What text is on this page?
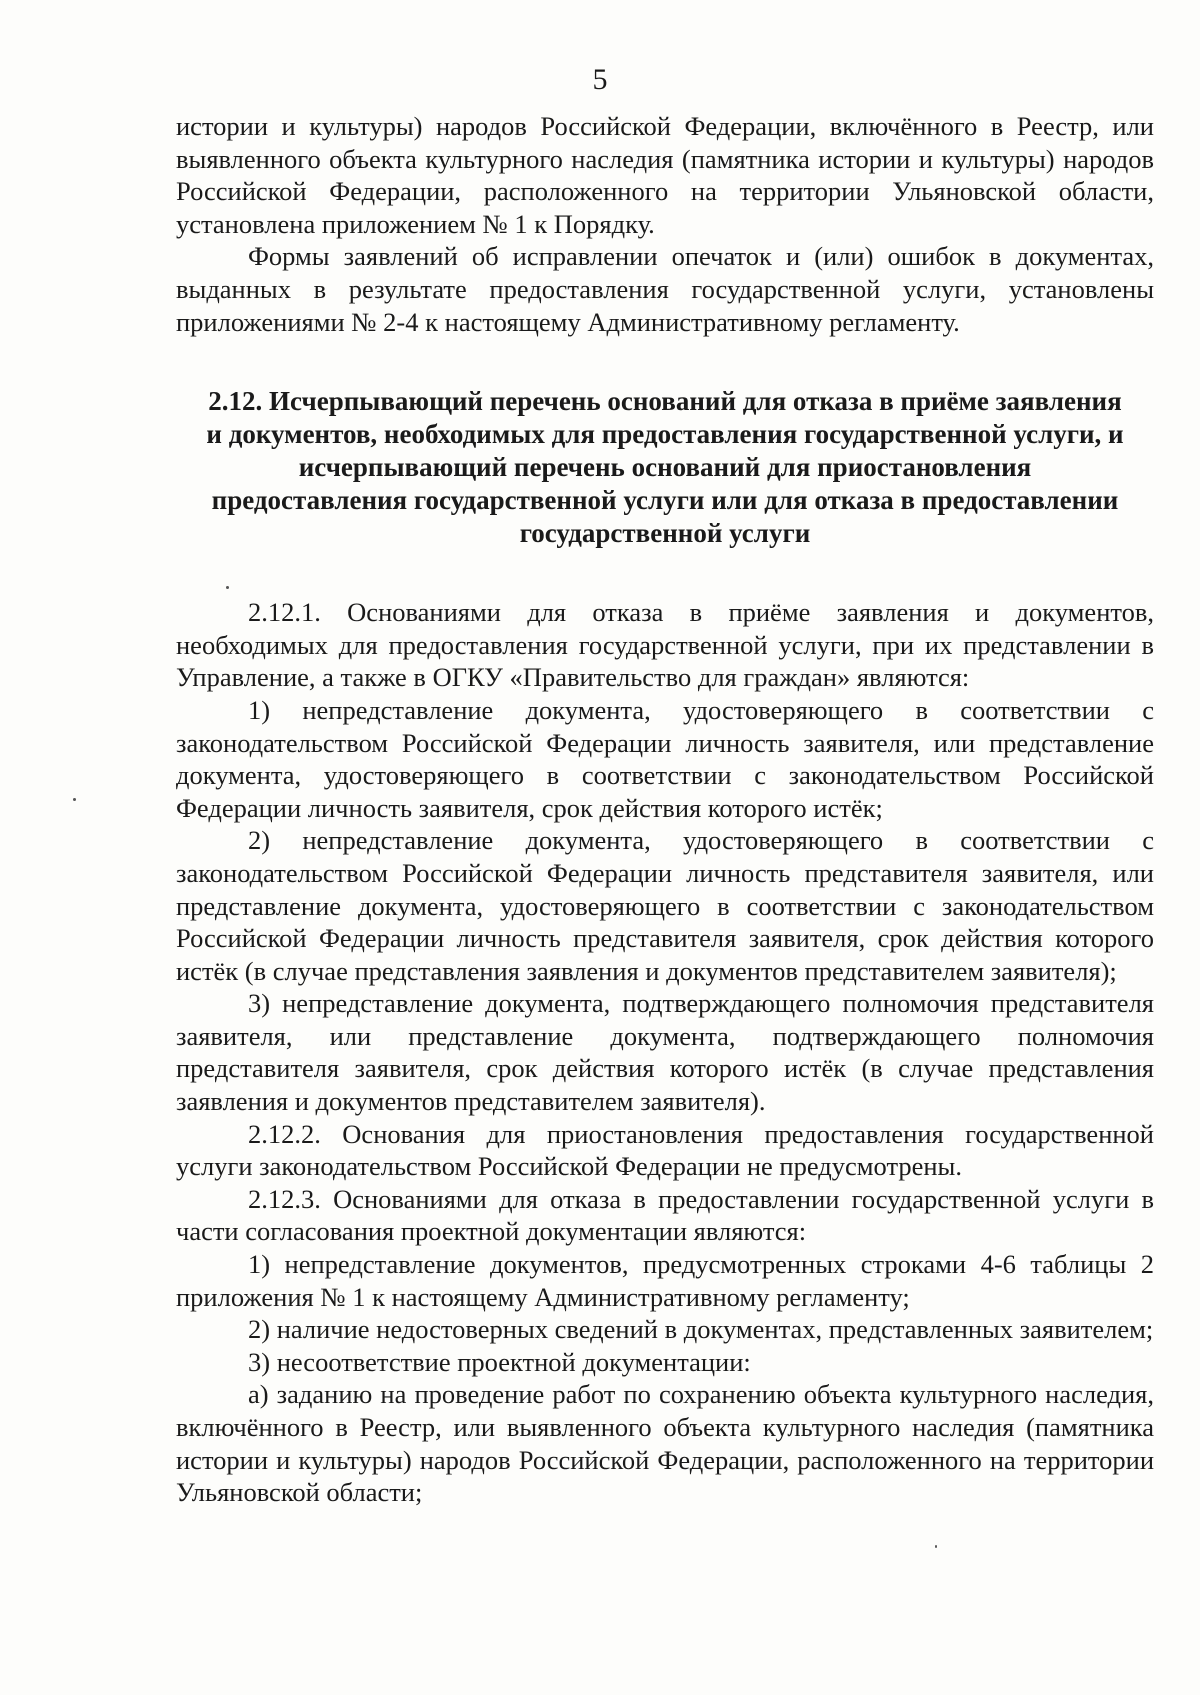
5

истории и культуры) народов Российской Федерации, включённого в Реестр, или выявленного объекта культурного наследия (памятника истории и культуры) народов Российской Федерации, расположенного на территории Ульяновской области, установлена приложением № 1 к Порядку.

Формы заявлений об исправлении опечаток и (или) ошибок в документах, выданных в результате предоставления государственной услуги, установлены приложениями № 2-4 к настоящему Административному регламенту.

2.12. Исчерпывающий перечень оснований для отказа в приёме заявления и документов, необходимых для предоставления государственной услуги, и исчерпывающий перечень оснований для приостановления предоставления государственной услуги или для отказа в предоставлении государственной услуги

2.12.1. Основаниями для отказа в приёме заявления и документов, необходимых для предоставления государственной услуги, при их представлении в Управление, а также в ОГКУ «Правительство для граждан» являются:

1) непредставление документа, удостоверяющего в соответствии с законодательством Российской Федерации личность заявителя, или представление документа, удостоверяющего в соответствии с законодательством Российской Федерации личность заявителя, срок действия которого истёк;

2) непредставление документа, удостоверяющего в соответствии с законодательством Российской Федерации личность представителя заявителя, или представление документа, удостоверяющего в соответствии с законодательством Российской Федерации личность представителя заявителя, срок действия которого истёк (в случае представления заявления и документов представителем заявителя);

3) непредставление документа, подтверждающего полномочия представителя заявителя, или представление документа, подтверждающего полномочия представителя заявителя, срок действия которого истёк (в случае представления заявления и документов представителем заявителя).

2.12.2. Основания для приостановления предоставления государственной услуги законодательством Российской Федерации не предусмотрены.

2.12.3. Основаниями для отказа в предоставлении государственной услуги в части согласования проектной документации являются:

1) непредставление документов, предусмотренных строками 4-6 таблицы 2 приложения № 1 к настоящему Административному регламенту;

2) наличие недостоверных сведений в документах, представленных заявителем;

3) несоответствие проектной документации:

а) заданию на проведение работ по сохранению объекта культурного наследия, включённого в Реестр, или выявленного объекта культурного наследия (памятника истории и культуры) народов Российской Федерации, расположенного на территории Ульяновской области;
